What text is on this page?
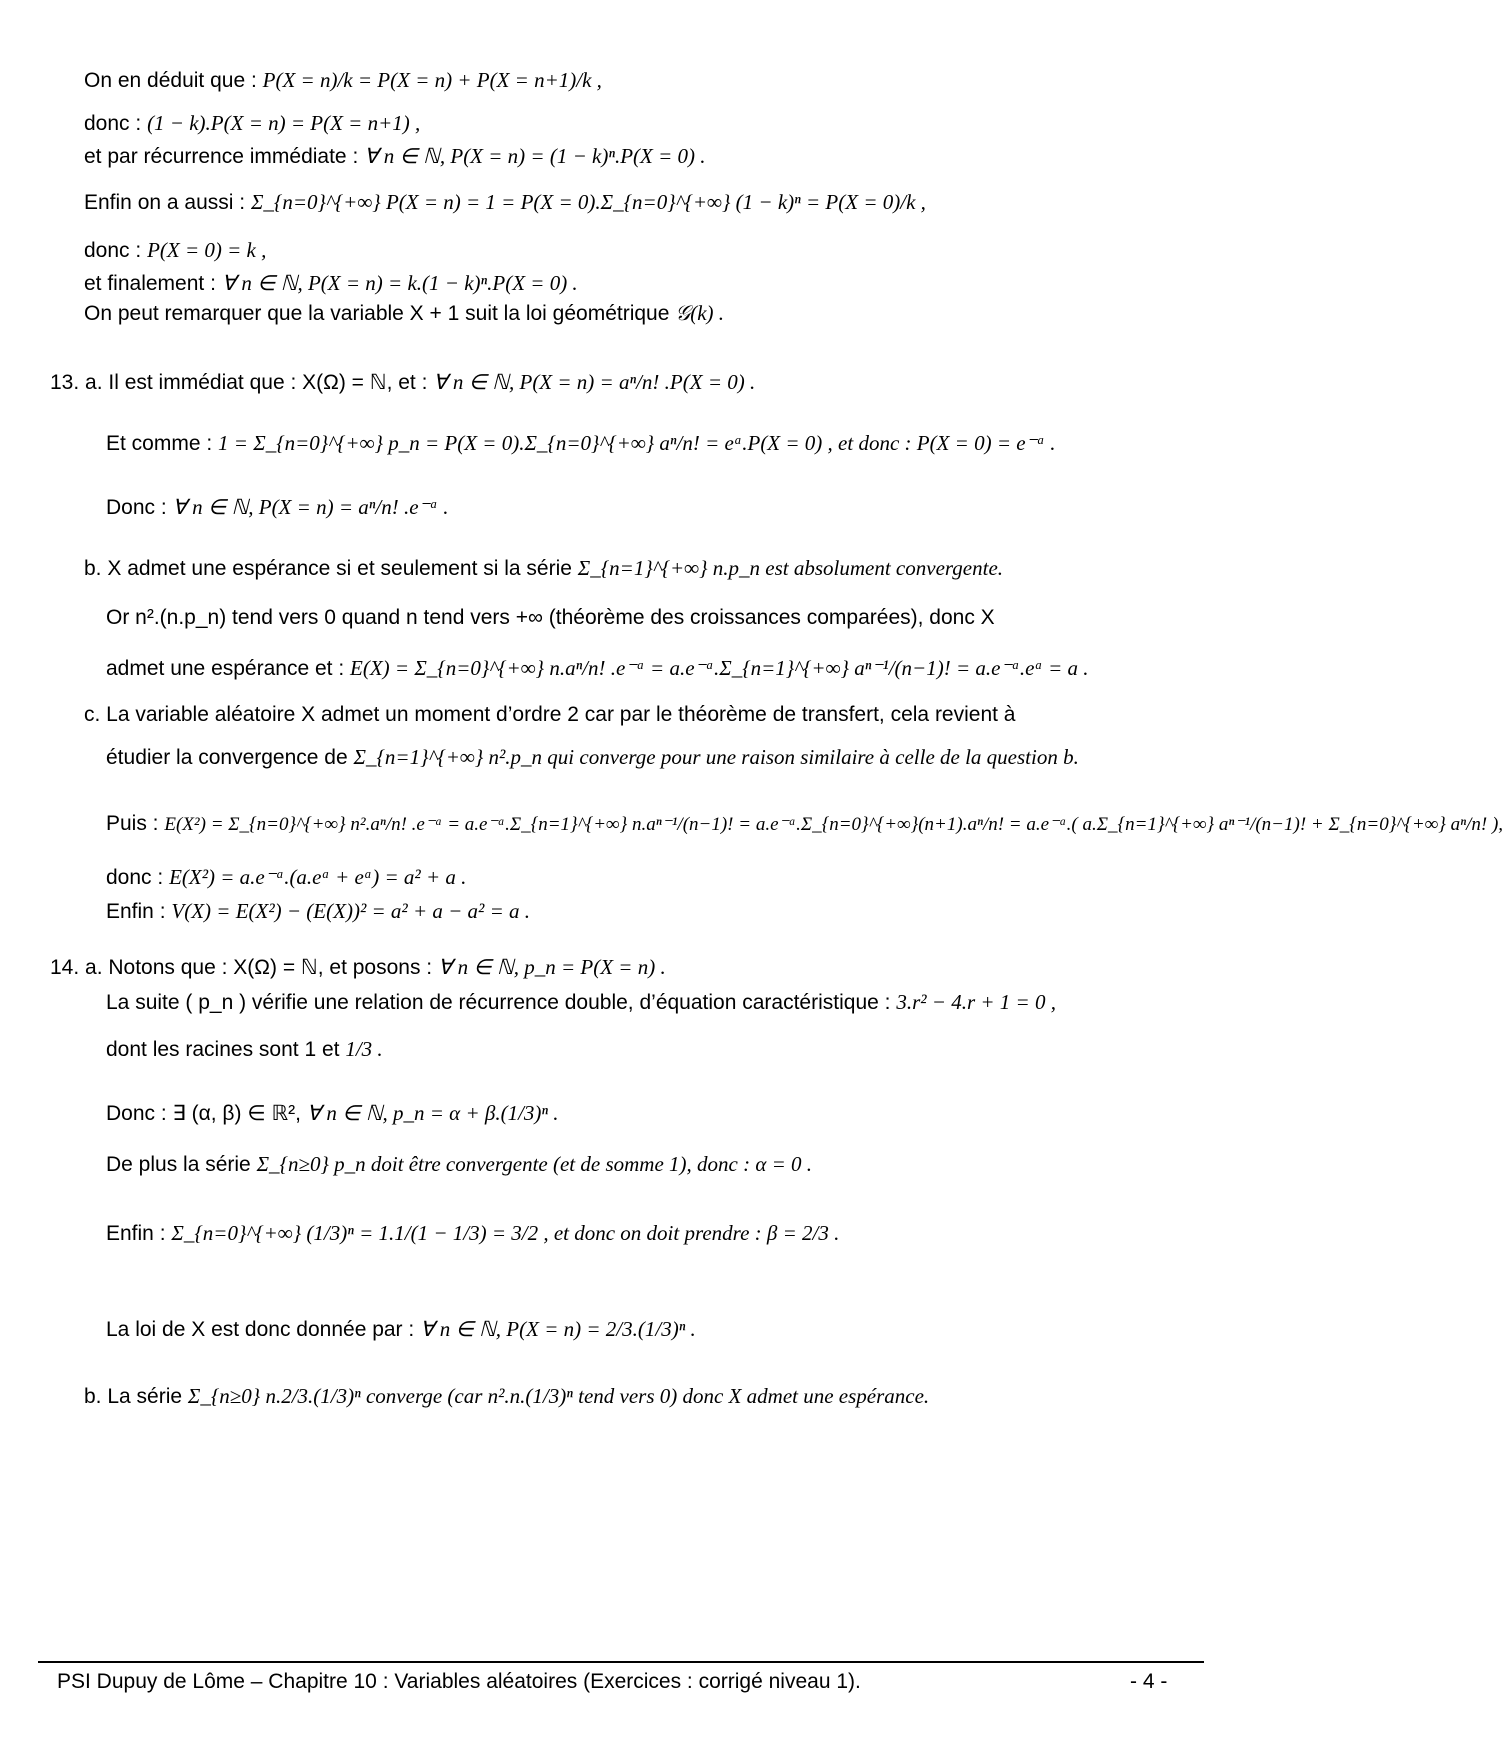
On en déduit que : P(X = n)/k = P(X = n) + P(X = n+1)/k ,
donc : (1 − k).P(X = n) = P(X = n+1) ,
et par récurrence immédiate : ∀ n ∈ ℕ, P(X = n) = (1 − k)ⁿ.P(X = 0) .
Enfin on a aussi : Σ_{n=0}^{+∞} P(X = n) = 1 = P(X = 0).Σ_{n=0}^{+∞} (1 − k)ⁿ = P(X = 0)/k ,
donc : P(X = 0) = k ,
et finalement : ∀ n ∈ ℕ, P(X = n) = k.(1 − k)ⁿ.P(X = 0) .
On peut remarquer que la variable X + 1 suit la loi géométrique 𝒢(k) .
13. a. Il est immédiat que : X(Ω) = ℕ, et : ∀ n ∈ ℕ, P(X = n) = aⁿ/n! .P(X = 0) .
Et comme : 1 = Σ_{n=0}^{+∞} p_n = P(X = 0).Σ_{n=0}^{+∞} aⁿ/n! = eᵃ.P(X = 0) , et donc : P(X = 0) = e⁻ᵃ .
Donc : ∀ n ∈ ℕ, P(X = n) = aⁿ/n! .e⁻ᵃ .
b. X admet une espérance si et seulement si la série Σ_{n=1}^{+∞} n.p_n est absolument convergente.
Or n².(n.p_n) tend vers 0 quand n tend vers +∞ (théorème des croissances comparées), donc X
admet une espérance et : E(X) = Σ_{n=0}^{+∞} n.aⁿ/n! .e⁻ᵃ = a.e⁻ᵃ.Σ_{n=1}^{+∞} aⁿ⁻¹/(n−1)! = a.e⁻ᵃ.eᵃ = a .
c. La variable aléatoire X admet un moment d’ordre 2 car par le théorème de transfert, cela revient à
étudier la convergence de Σ_{n=1}^{+∞} n².p_n qui converge pour une raison similaire à celle de la question b.
Puis : E(X²) = Σ_{n=0}^{+∞} n².aⁿ/n! .e⁻ᵃ = a.e⁻ᵃ.Σ_{n=1}^{+∞} n.aⁿ⁻¹/(n−1)! = a.e⁻ᵃ.Σ_{n=0}^{+∞}(n+1).aⁿ/n! = a.e⁻ᵃ.( a.Σ_{n=1}^{+∞} aⁿ⁻¹/(n−1)! + Σ_{n=0}^{+∞} aⁿ/n! ),
donc : E(X²) = a.e⁻ᵃ.(a.eᵃ + eᵃ) = a² + a .
Enfin : V(X) = E(X²) − (E(X))² = a² + a − a² = a .
14. a. Notons que : X(Ω) = ℕ, et posons : ∀ n ∈ ℕ, p_n = P(X = n) .
La suite ( p_n ) vérifie une relation de récurrence double, d’équation caractéristique : 3.r² − 4.r + 1 = 0 ,
dont les racines sont 1 et 1/3 .
Donc : ∃ (α, β) ∈ ℝ², ∀ n ∈ ℕ, p_n = α + β.(1/3)ⁿ .
De plus la série Σ_{n≥0} p_n doit être convergente (et de somme 1), donc : α = 0 .
Enfin : Σ_{n=0}^{+∞} (1/3)ⁿ = 1.1/(1 − 1/3) = 3/2 , et donc on doit prendre : β = 2/3 .
La loi de X est donc donnée par : ∀ n ∈ ℕ, P(X = n) = 2/3.(1/3)ⁿ .
b. La série Σ_{n≥0} n.2/3.(1/3)ⁿ converge (car n².n.(1/3)ⁿ tend vers 0) donc X admet une espérance.
PSI Dupuy de Lôme – Chapitre 10 : Variables aléatoires (Exercices : corrigé niveau 1).	- 4 -
